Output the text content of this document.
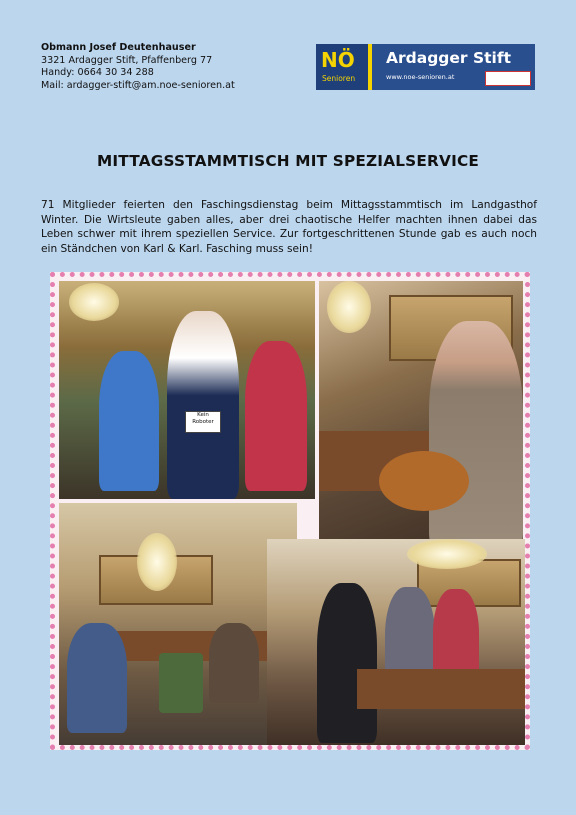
Obmann Josef Deutenhauser
3321 Ardagger Stift, Pfaffenberg 77
Handy: 0664 30 34 288
Mail: ardagger-stift@am.noe-senioren.at
NÖ
Senioren
Ardagger Stift
www.noe-senioren.at
MITTAGSSTAMMTISCH MIT SPEZIALSERVICE
71 Mitglieder feierten den Faschingsdienstag beim Mittagsstammtisch im Landgasthof Winter. Die Wirtsleute gaben alles, aber drei chaotische Helfer machten ihnen dabei das Leben schwer mit ihrem speziellen Service. Zur fortgeschrittenen Stunde gab es auch noch ein Ständchen von Karl & Karl. Fasching muss sein!
Kein Roboter
